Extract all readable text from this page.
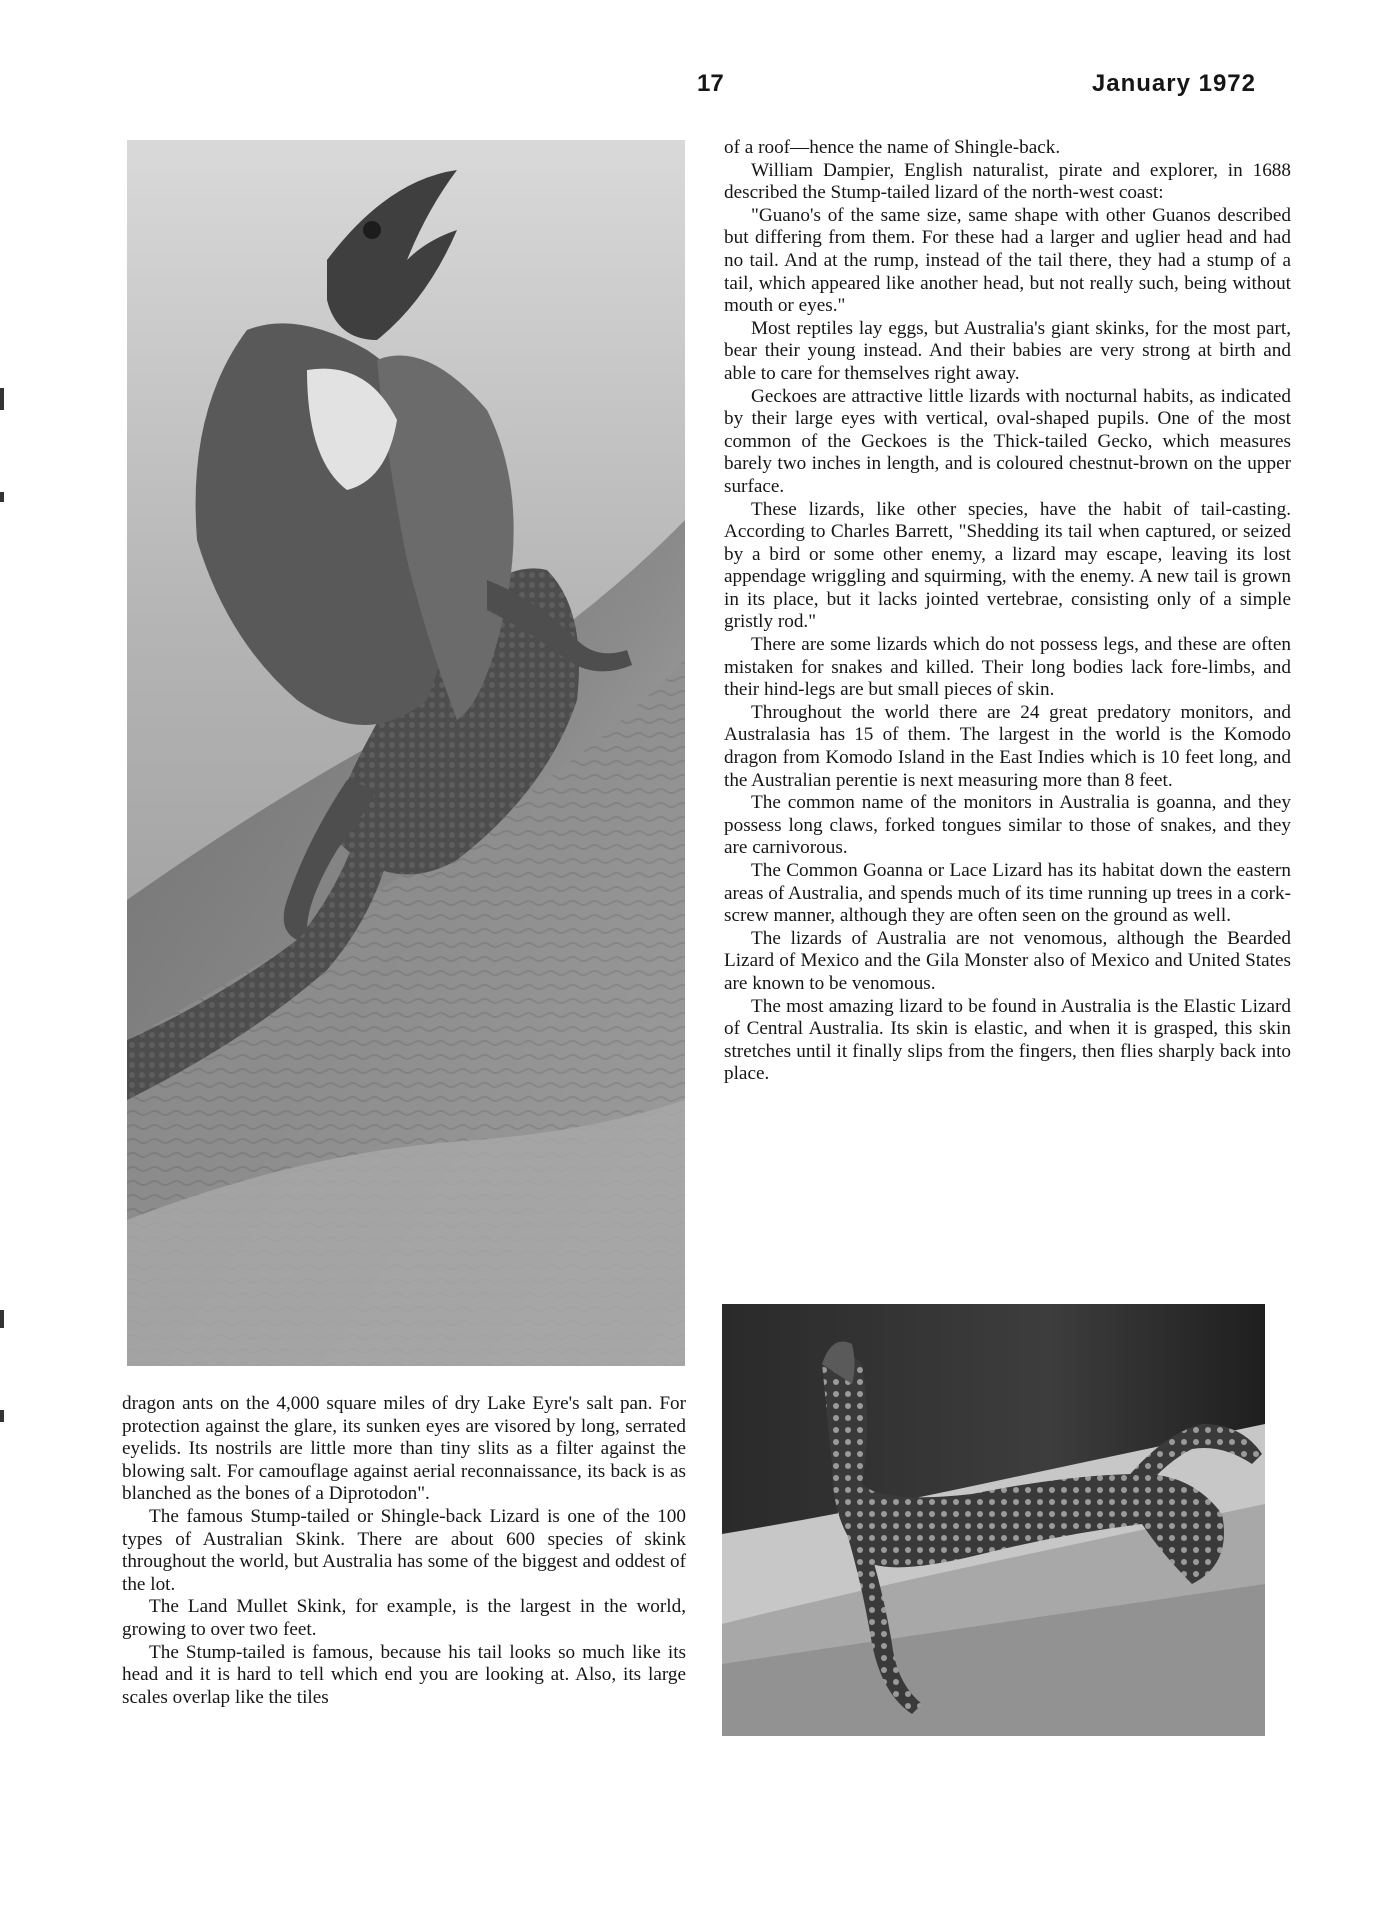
17	January 1972

dragon ants on the 4,000 square miles of dry Lake Eyre's salt pan. For protection against the glare, its sunken eyes are visored by long, serrated eyelids. Its nostrils are little more than tiny slits as a filter against the blowing salt. For camouflage against aerial reconnaissance, its back is as blanched as the bones of a Diprotodon".

The famous Stump-tailed or Shingle-back Lizard is one of the 100 types of Australian Skink. There are about 600 species of skink throughout the world, but Australia has some of the biggest and oddest of the lot.

The Land Mullet Skink, for example, is the largest in the world, growing to over two feet.

The Stump-tailed is famous, because his tail looks so much like its head and it is hard to tell which end you are looking at. Also, its large scales overlap like the tiles

of a roof—hence the name of Shingle-back.

William Dampier, English naturalist, pirate and explorer, in 1688 described the Stump-tailed lizard of the north-west coast:

"Guano's of the same size, same shape with other Guanos described but differing from them. For these had a larger and uglier head and had no tail. And at the rump, instead of the tail there, they had a stump of a tail, which appeared like another head, but not really such, being without mouth or eyes."

Most reptiles lay eggs, but Australia's giant skinks, for the most part, bear their young instead. And their babies are very strong at birth and able to care for themselves right away.

Geckoes are attractive little lizards with nocturnal habits, as indicated by their large eyes with vertical, oval-shaped pupils. One of the most common of the Geckoes is the Thick-tailed Gecko, which measures barely two inches in length, and is coloured chestnut-brown on the upper surface.

These lizards, like other species, have the habit of tail-casting. According to Charles Barrett, "Shedding its tail when captured, or seized by a bird or some other enemy, a lizard may escape, leaving its lost appendage wriggling and squirming, with the enemy. A new tail is grown in its place, but it lacks jointed vertebrae, consisting only of a simple gristly rod."

There are some lizards which do not possess legs, and these are often mistaken for snakes and killed. Their long bodies lack fore-limbs, and their hind-legs are but small pieces of skin.

Throughout the world there are 24 great predatory monitors, and Australasia has 15 of them. The largest in the world is the Komodo dragon from Komodo Island in the East Indies which is 10 feet long, and the Australian perentie is next measuring more than 8 feet.

The common name of the monitors in Australia is goanna, and they possess long claws, forked tongues similar to those of snakes, and they are carnivorous.

The Common Goanna or Lace Lizard has its habitat down the eastern areas of Australia, and spends much of its time running up trees in a cork-screw manner, although they are often seen on the ground as well.

The lizards of Australia are not venomous, although the Bearded Lizard of Mexico and the Gila Monster also of Mexico and United States are known to be venomous.

The most amazing lizard to be found in Australia is the Elastic Lizard of Central Australia. Its skin is elastic, and when it is grasped, this skin stretches until it finally slips from the fingers, then flies sharply back into place.
